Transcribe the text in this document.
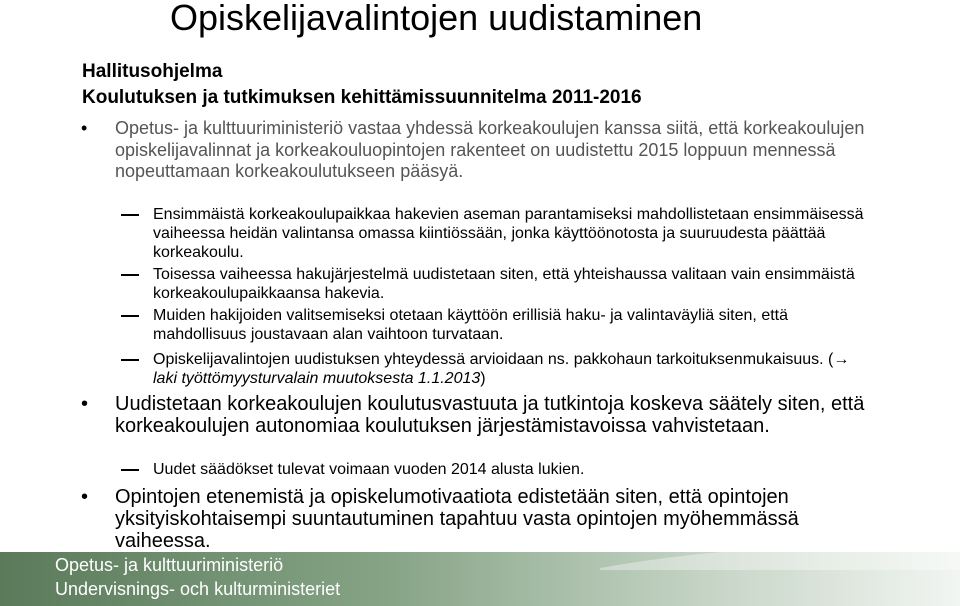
Opiskelijavalintojen uudistaminen
Hallitusohjelma
Koulutuksen ja tutkimuksen kehittämissuunnitelma 2011-2016

• Opetus- ja kulttuuriministeriö vastaa yhdessä korkeakoulujen kanssa siitä, että korkeakoulujen opiskelijavalinnat ja korkeakouluopintojen rakenteet on uudistettu 2015 loppuun mennessä nopeuttamaan korkeakoulutukseen pääsyä.

Ensimmäistä korkeakoulupaikkaa hakevien aseman parantamiseksi mahdollistetaan ensimmäisessä vaiheessa heidän valintansa omassa kiintiössään, jonka käyttöönotosta ja suuruudesta päättää korkeakoulu.

Toisessa vaiheessa hakujärjestelmä uudistetaan siten, että yhteishaussa valitaan vain ensimmäistä korkeakoulupaikkaansa hakevia.

Muiden hakijoiden valitsemiseksi otetaan käyttöön erillisiä haku- ja valintaväyliä siten, että mahdollisuus joustavaan alan vaihtoon turvataan.

Opiskelijavalintojen uudistuksen yhteydessä arvioidaan ns. pakkohaun tarkoituksenmukaisuus. (→ laki työttömyysturvalain muutoksesta 1.1.2013)

• Uudistetaan korkeakoulujen koulutusvastuuta ja tutkintoja koskeva säätely siten, että korkeakoulujen autonomiaa koulutuksen järjestämistavoissa vahvistetaan.

Uudet säädökset tulevat voimaan vuoden 2014 alusta lukien.

• Opintojen etenemistä ja opiskelumotivaatiota edistetään siten, että opintojen yksityiskohtaisempi suuntautuminen tapahtuu vasta opintojen myöhemmässä vaiheessa.

Opetus- ja kulttuuriministeriö
Undervisnings- och kulturministeriet
